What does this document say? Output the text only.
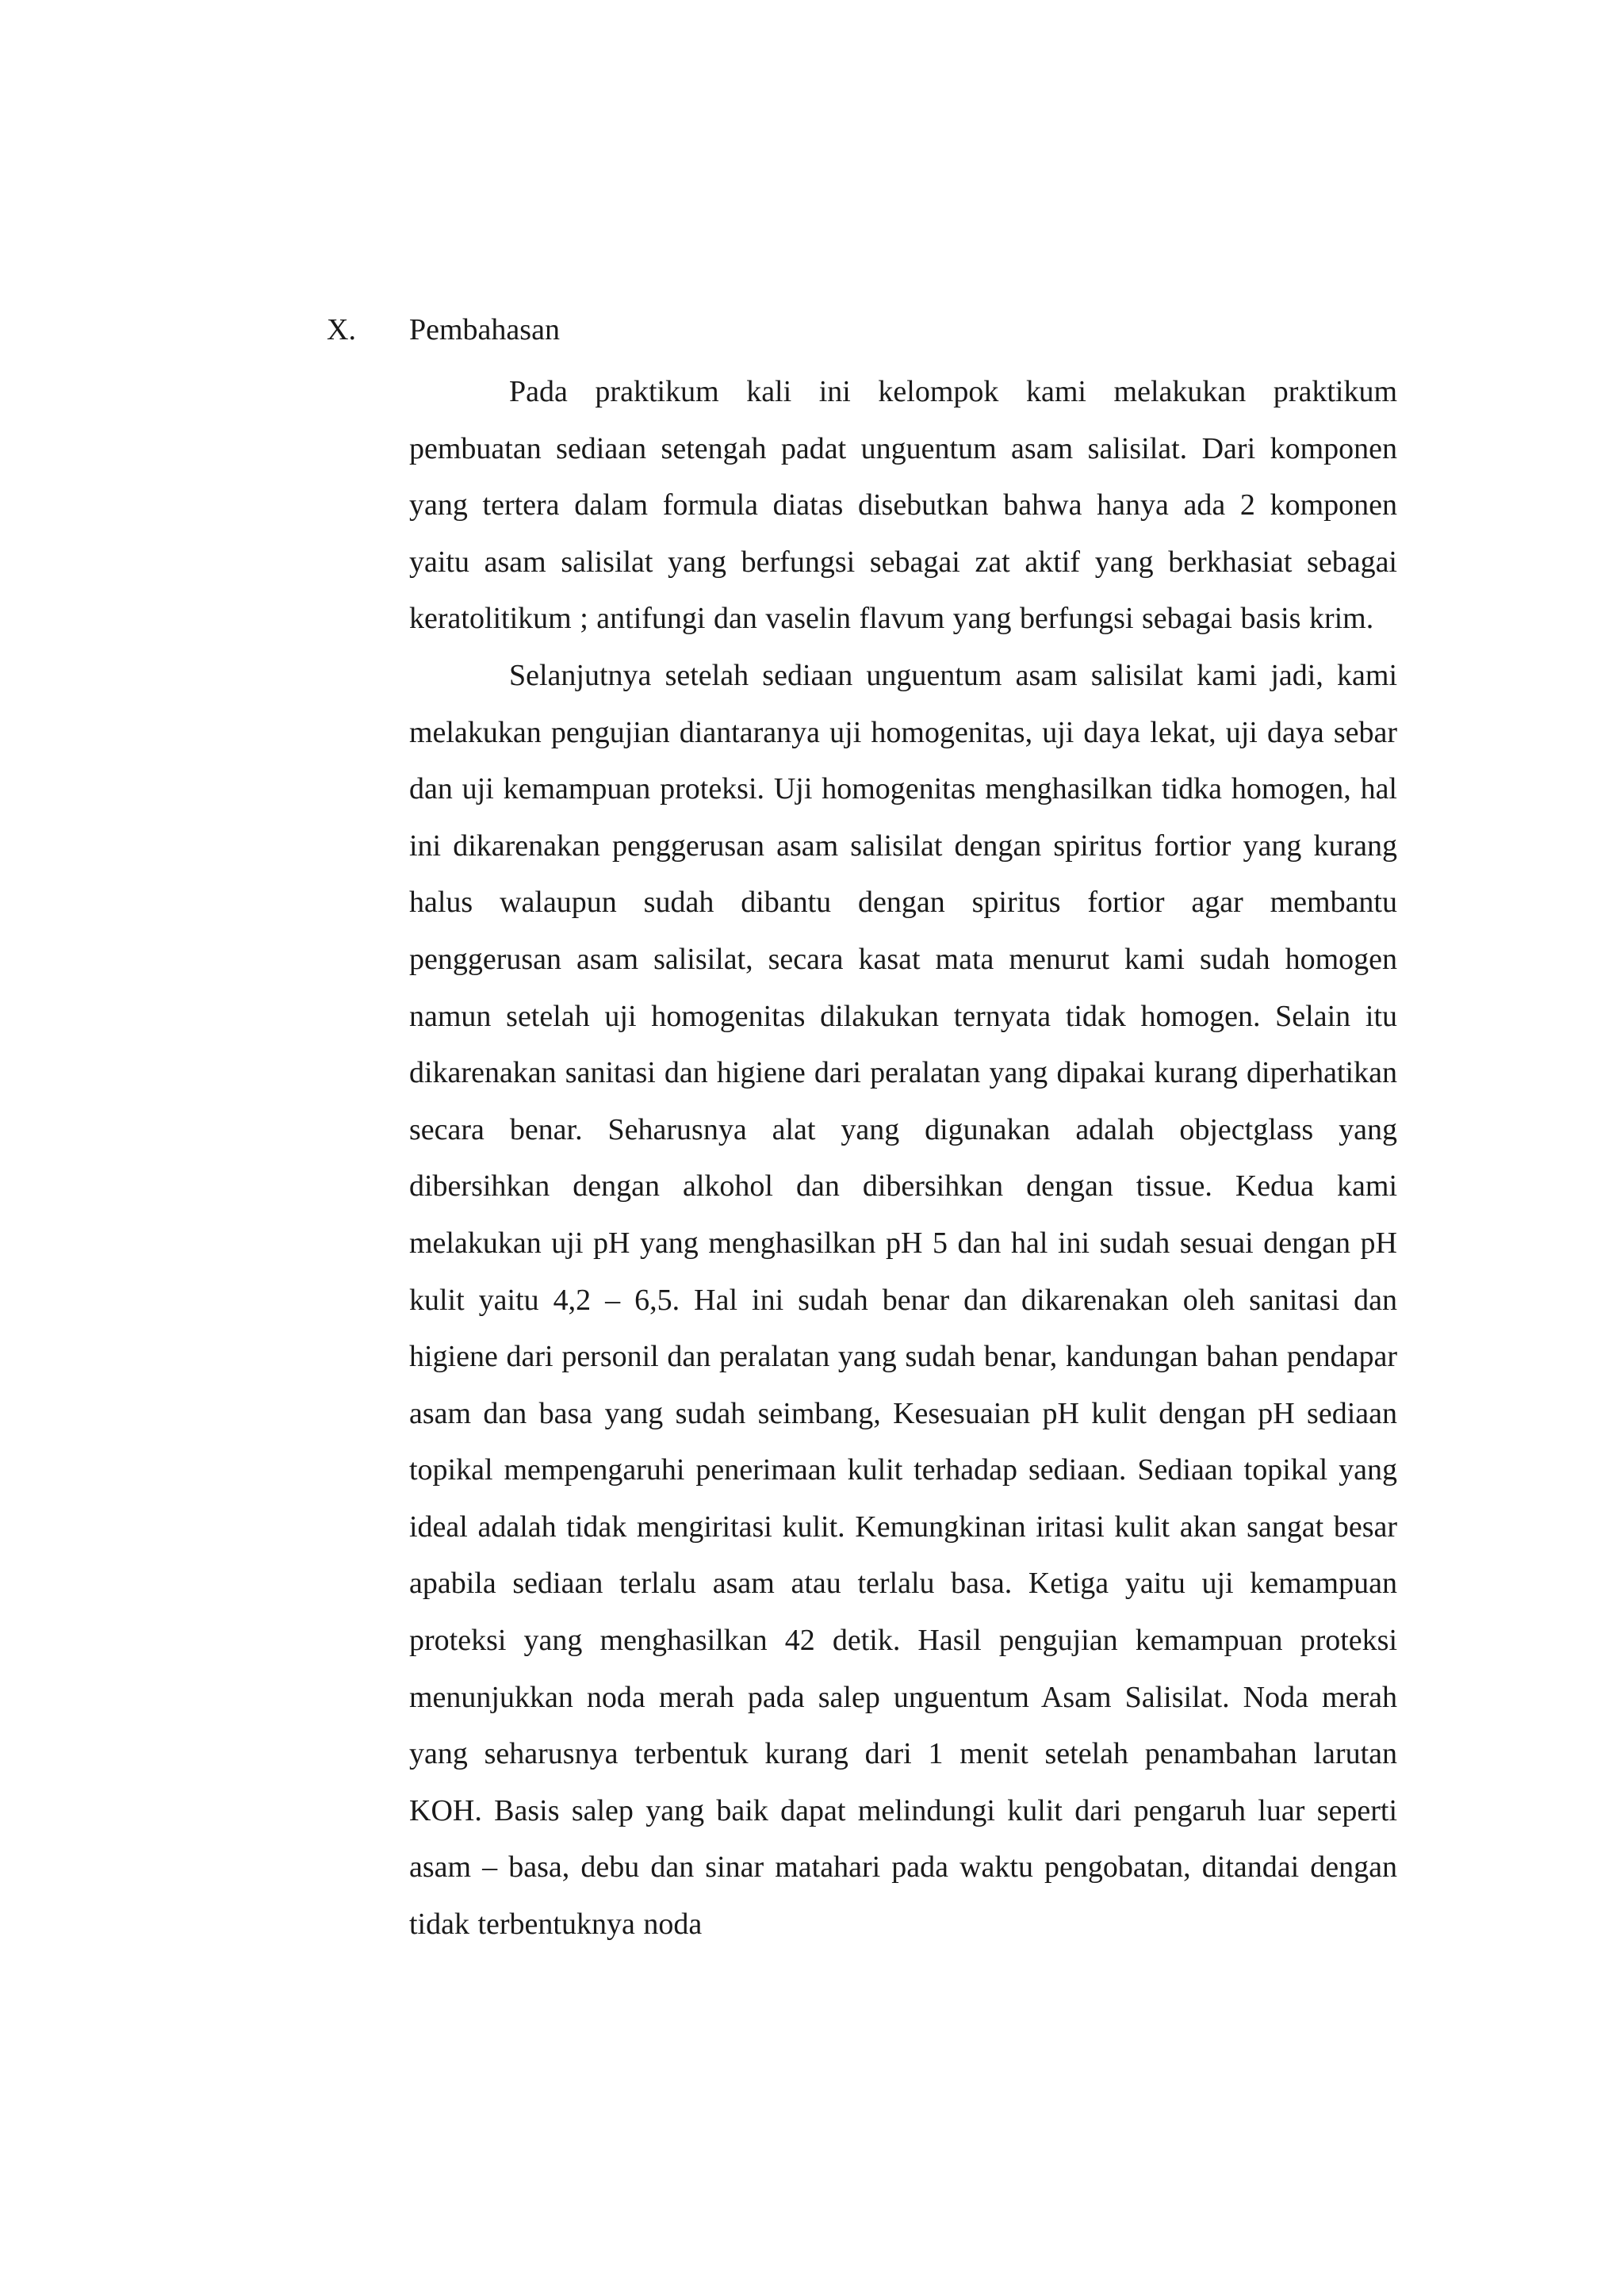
X. Pembahasan

Pada praktikum kali ini kelompok kami melakukan praktikum pembuatan sediaan setengah padat unguentum asam salisilat. Dari komponen yang tertera dalam formula diatas disebutkan bahwa hanya ada 2 komponen yaitu asam salisilat yang berfungsi sebagai zat aktif yang berkhasiat sebagai keratolitikum ; antifungi dan vaselin flavum yang berfungsi sebagai basis krim.

Selanjutnya setelah sediaan unguentum asam salisilat kami jadi, kami melakukan pengujian diantaranya uji homogenitas, uji daya lekat, uji daya sebar dan uji kemampuan proteksi. Uji homogenitas menghasilkan tidka homogen, hal ini dikarenakan penggerusan asam salisilat dengan spiritus fortior yang kurang halus walaupun sudah dibantu dengan spiritus fortior agar membantu penggerusan asam salisilat, secara kasat mata menurut kami sudah homogen namun setelah uji homogenitas dilakukan ternyata tidak homogen. Selain itu dikarenakan sanitasi dan higiene dari peralatan yang dipakai kurang diperhatikan secara benar. Seharusnya alat yang digunakan adalah objectglass yang dibersihkan dengan alkohol dan dibersihkan dengan tissue. Kedua kami melakukan uji pH yang menghasilkan pH 5 dan hal ini sudah sesuai dengan pH kulit yaitu 4,2 – 6,5. Hal ini sudah benar dan dikarenakan oleh sanitasi dan higiene dari personil dan peralatan yang sudah benar, kandungan bahan pendapar asam dan basa yang sudah seimbang, Kesesuaian pH kulit dengan pH sediaan topikal mempengaruhi penerimaan kulit terhadap sediaan. Sediaan topikal yang ideal adalah tidak mengiritasi kulit. Kemungkinan iritasi kulit akan sangat besar apabila sediaan terlalu asam atau terlalu basa. Ketiga yaitu uji kemampuan proteksi yang menghasilkan 42 detik. Hasil pengujian kemampuan proteksi menunjukkan noda merah pada salep unguentum Asam Salisilat. Noda merah yang seharusnya terbentuk kurang dari 1 menit setelah penambahan larutan KOH. Basis salep yang baik dapat melindungi kulit dari pengaruh luar seperti asam – basa, debu dan sinar matahari pada waktu pengobatan, ditandai dengan tidak terbentuknya noda
